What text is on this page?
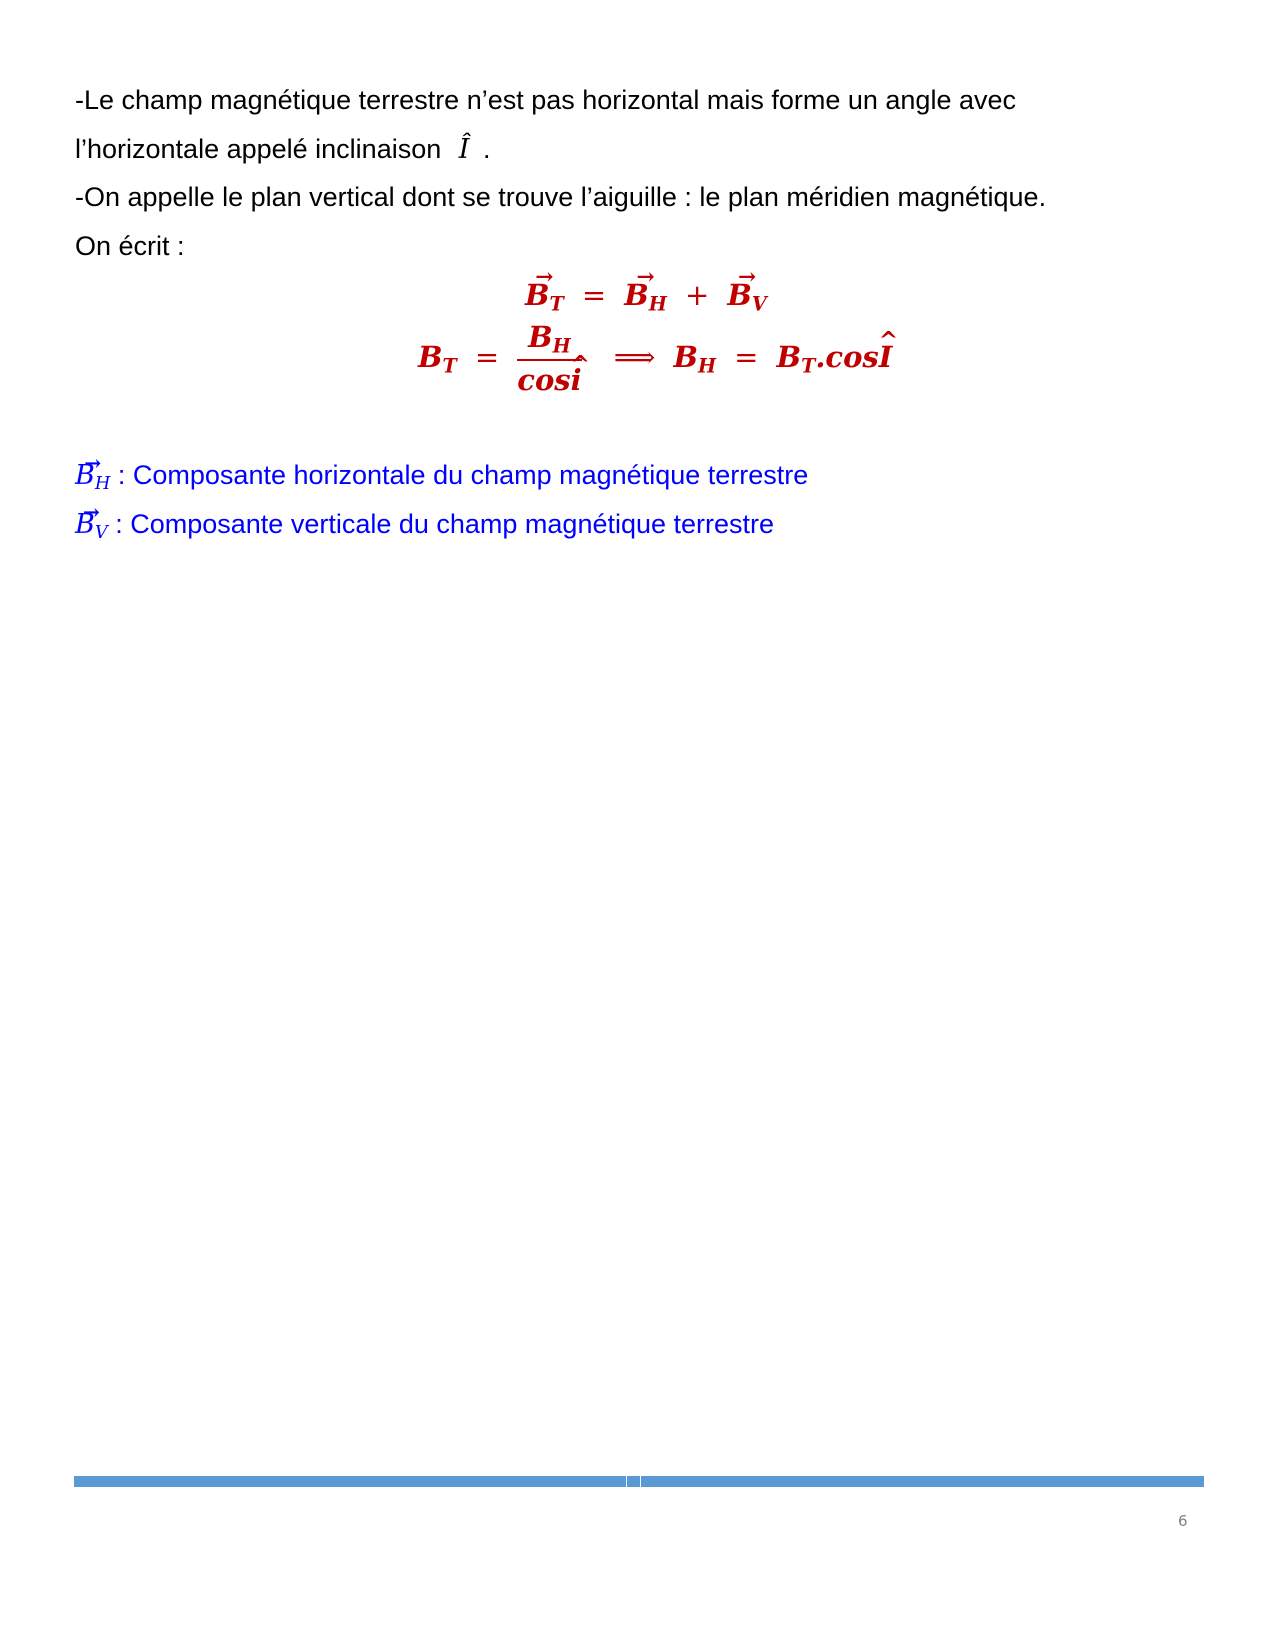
-Le champ magnétique terrestre n’est pas horizontal mais forme un angle avec
l’horizontale appelé inclinaison Î .
-On appelle le plan vertical dont se trouve l’aiguille : le plan méridien magnétique.
On écrit :
→ $B_T$ = → $B_H$ + → $B_V$
$B_T = \frac{B_H}{\cos\^{} i}$ ⟹ $B_H$ = $B_T.\cos\^{}$ I
→ $B_H$ : Composante horizontale du champ magnétique terrestre
→ $B_V$ : Composante verticale du champ magnétique terrestre
6
